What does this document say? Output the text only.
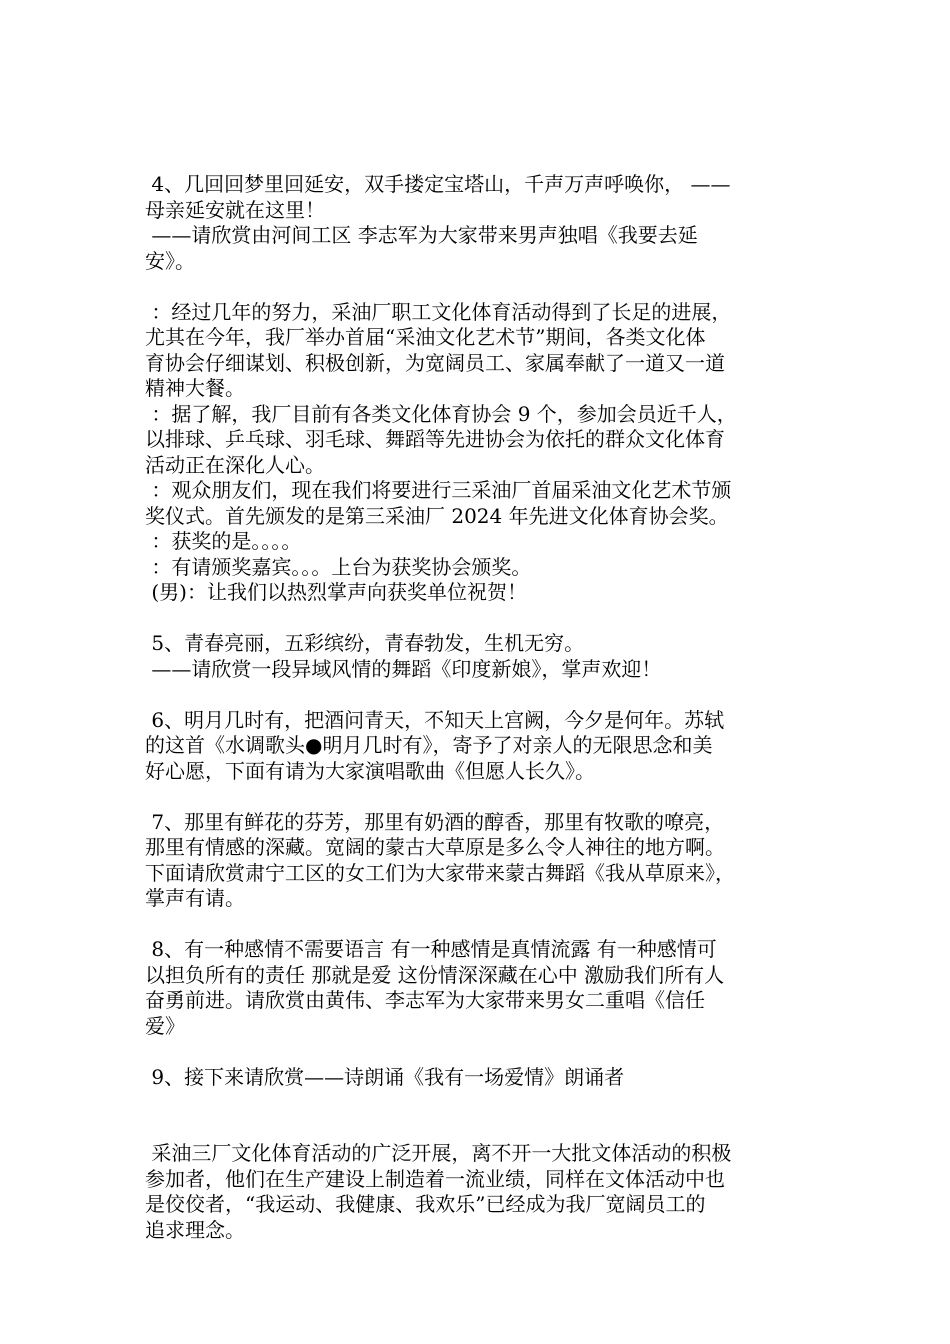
4、几回回梦里回延安，双手搂定宝塔山，千声万声呼唤你， ——
母亲延安就在这里！
——请欣赏由河间工区 李志军为大家带来男声独唱《我要去延
安》。
：经过几年的努力，采油厂职工文化体育活动得到了长足的进展，
尤其在今年，我厂举办首届“采油文化艺术节”期间，各类文化体
育协会仔细谋划、积极创新，为宽阔员工、家属奉献了一道又一道
精神大餐。
：据了解，我厂目前有各类文化体育协会 9 个，参加会员近千人，
以排球、乒乓球、羽毛球、舞蹈等先进协会为依托的群众文化体育
活动正在深化人心。
：观众朋友们，现在我们将要进行三采油厂首届采油文化艺术节颁
奖仪式。首先颁发的是第三采油厂 2024 年先进文化体育协会奖。
：获奖的是。。。。
：有请颁奖嘉宾。。。上台为获奖协会颁奖。
(男)：让我们以热烈掌声向获奖单位祝贺！
5、青春亮丽，五彩缤纷，青春勃发，生机无穷。
——请欣赏一段异域风情的舞蹈《印度新娘》，掌声欢迎！
6、明月几时有，把酒问青天，不知天上宫阙，今夕是何年。苏轼
的这首《水调歌头●明月几时有》，寄予了对亲人的无限思念和美
好心愿，下面有请为大家演唱歌曲《但愿人长久》。
7、那里有鲜花的芬芳，那里有奶酒的醇香，那里有牧歌的嘹亮，
那里有情感的深藏。宽阔的蒙古大草原是多么令人神往的地方啊。
下面请欣赏肃宁工区的女工们为大家带来蒙古舞蹈《我从草原来》，
掌声有请。
8、有一种感情不需要语言 有一种感情是真情流露 有一种感情可
以担负所有的责任 那就是爱 这份情深深藏在心中 激励我们所有人
奋勇前进。请欣赏由黄伟、李志军为大家带来男女二重唱《信任
爱》
9、接下来请欣赏——诗朗诵《我有一场爱情》朗诵者
采油三厂文化体育活动的广泛开展，离不开一大批文体活动的积极
参加者，他们在生产建设上制造着一流业绩，同样在文体活动中也
是佼佼者，“我运动、我健康、我欢乐”已经成为我厂宽阔员工的
追求理念。
